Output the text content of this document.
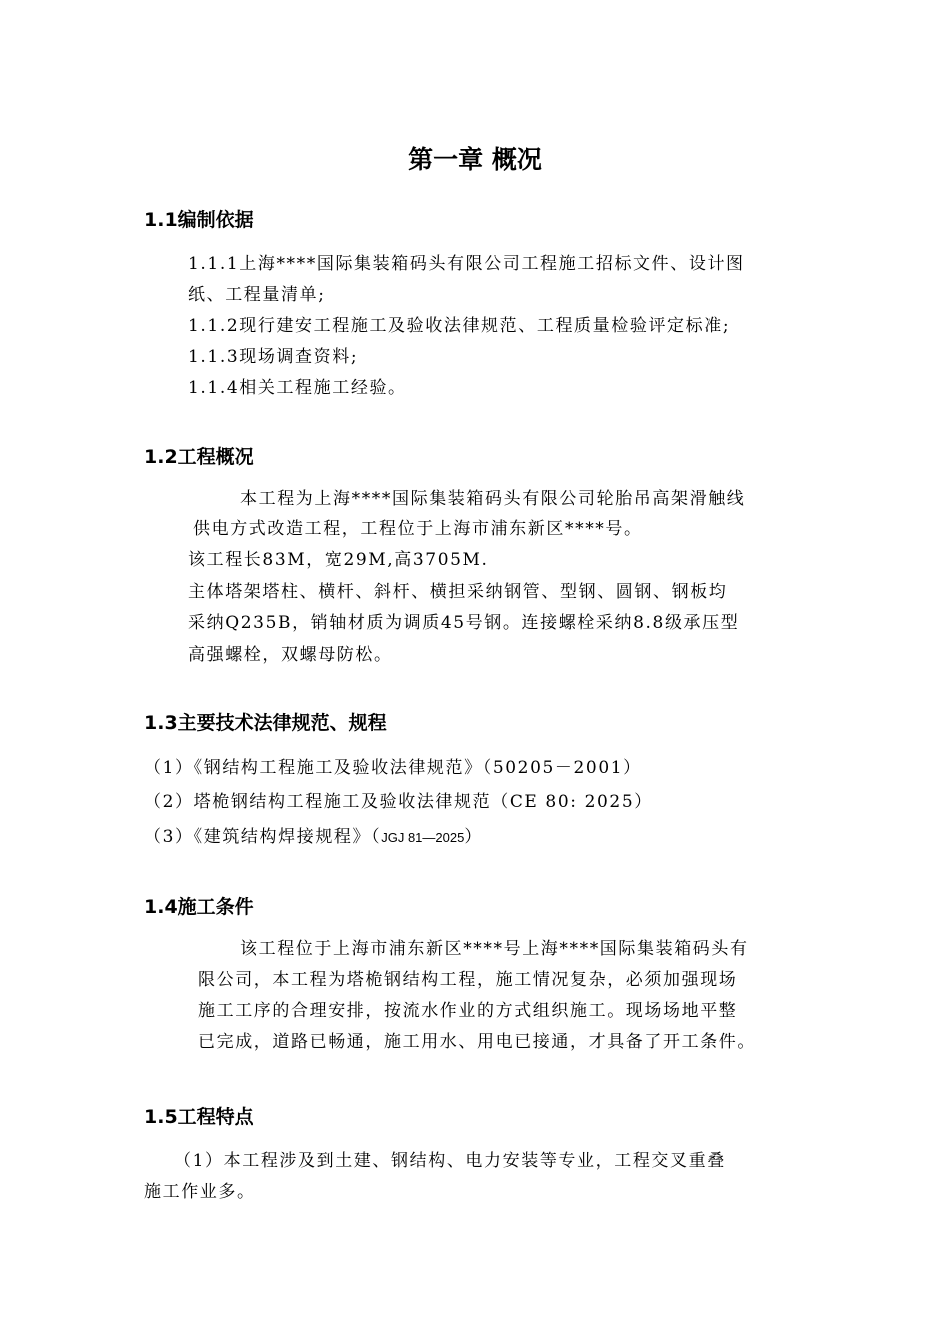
第一章 概况
1.1编制依据
1.1.1上海****国际集装箱码头有限公司工程施工招标文件、设计图
纸、工程量清单;
1.1.2现行建安工程施工及验收法律规范、工程质量检验评定标准;
1.1.3现场调查资料;
1.1.4相关工程施工经验。
1.2工程概况
本工程为上海****国际集装箱码头有限公司轮胎吊高架滑触线
供电方式改造工程，工程位于上海市浦东新区****号。
该工程长83M，宽29M,高3705M.
主体塔架塔柱、横杆、斜杆、横担采纳钢管、型钢、圆钢、钢板均
采纳Q235B，销轴材质为调质45号钢。连接螺栓采纳8.8级承压型
高强螺栓，双螺母防松。
1.3主要技术法律规范、规程
（1）《钢结构工程施工及验收法律规范》（50205－2001）
（2）塔桅钢结构工程施工及验收法律规范（CE 80: 2025）
（3）《建筑结构焊接规程》（JGJ 81—2025）
1.4施工条件
该工程位于上海市浦东新区****号上海****国际集装箱码头有
限公司，本工程为塔桅钢结构工程，施工情况复杂，必须加强现场
施工工序的合理安排，按流水作业的方式组织施工。现场场地平整
已完成，道路已畅通，施工用水、用电已接通，才具备了开工条件。
1.5工程特点
（1）本工程涉及到土建、钢结构、电力安装等专业，工程交叉重叠
施工作业多。
